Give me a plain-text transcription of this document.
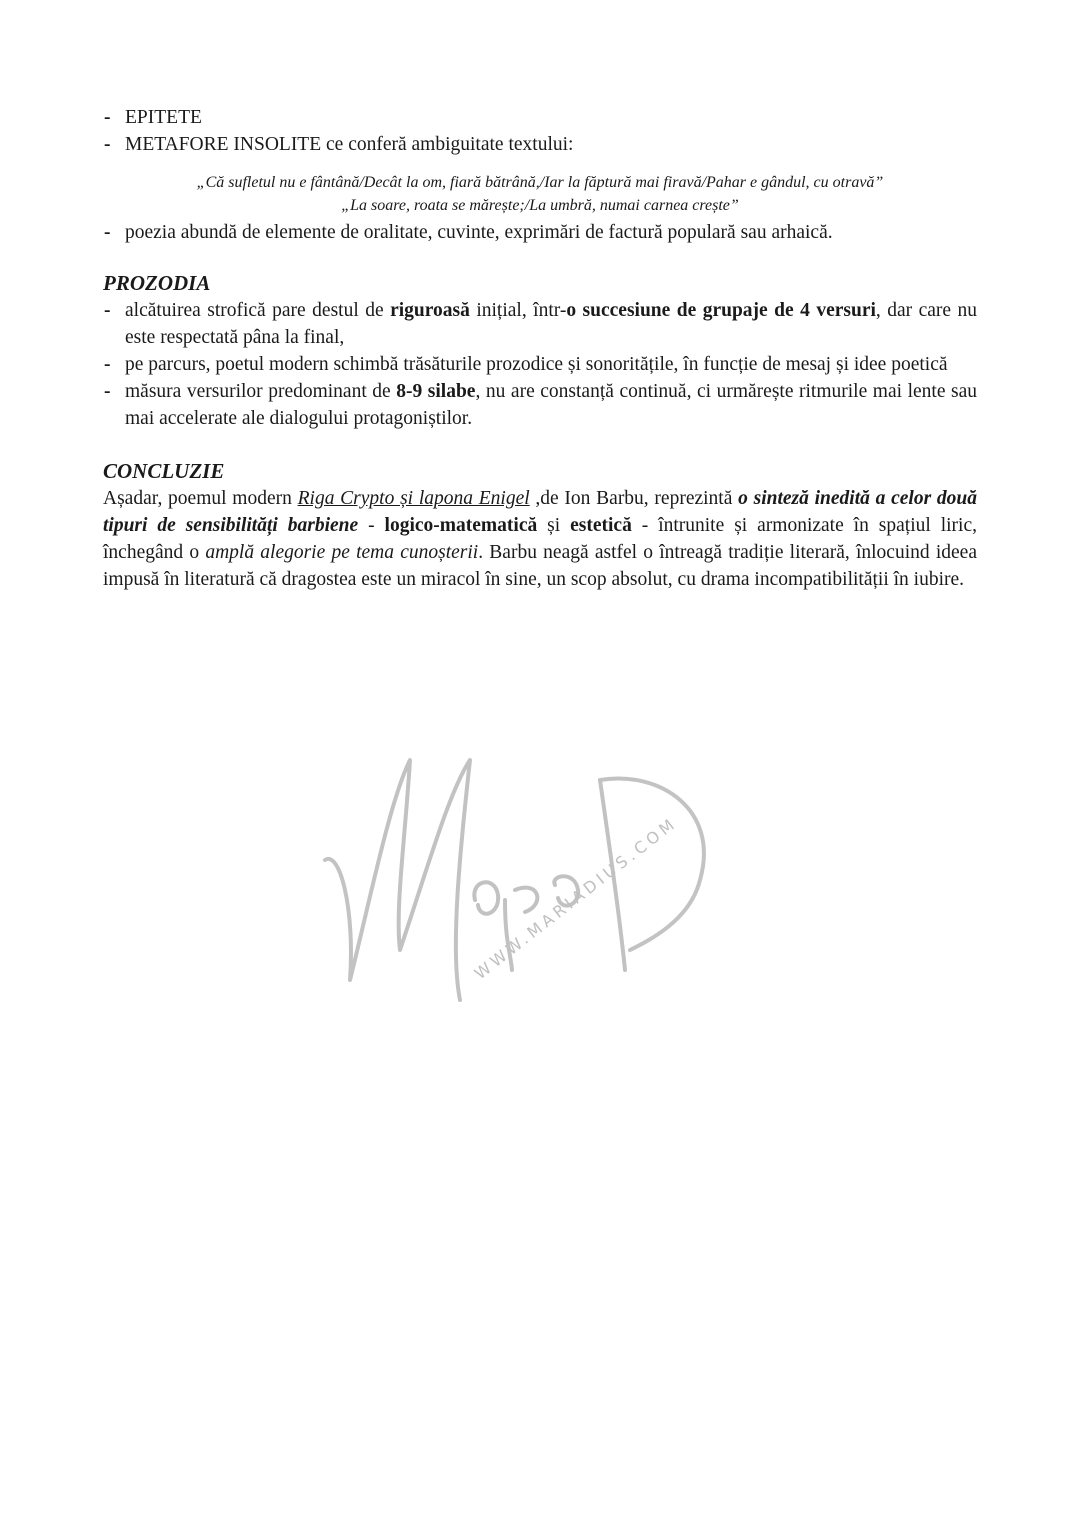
- EPITETE
- METAFORE INSOLITE ce conferă ambiguitate textului:
„Că sufletul nu e fântână/Decât la om, fiară bătrână,/Iar la făptură mai firavă/Pahar e gândul, cu otravă”
„La soare, roata se mărește;/La umbră, numai carnea crește”
- poezia abundă de elemente de oralitate, cuvinte, exprimări de factură populară sau arhaică.

PROZODIA

- alcătuirea strofică pare destul de riguroasă inițial, într-o succesiune de grupaje de 4 versuri, dar care nu este respectată pâna la final,
- pe parcurs, poetul modern schimbă trăsăturile prozodice și sonoritățile, în funcție de mesaj și idee poetică
- măsura versurilor predominant de 8-9 silabe, nu are constanță continuă, ci urmărește ritmurile mai lente sau mai accelerate ale dialogului protagoniștilor.

CONCLUZIE

Așadar, poemul modern Riga Crypto și lapona Enigel ,de Ion Barbu, reprezintă o sinteză inedită a celor două tipuri de sensibilități barbiene - logico-matematică și estetică - întrunite și armonizate în spațiul liric, închegând o amplă alegorie pe tema cunoșterii. Barbu neagă astfel o întreagă tradiție literară, înlocuind ideea impusă în literatură că dragostea este un miracol în sine, un scop absolut, cu drama incompatibilității în iubire.

WWW.MARIADIUS.COM
